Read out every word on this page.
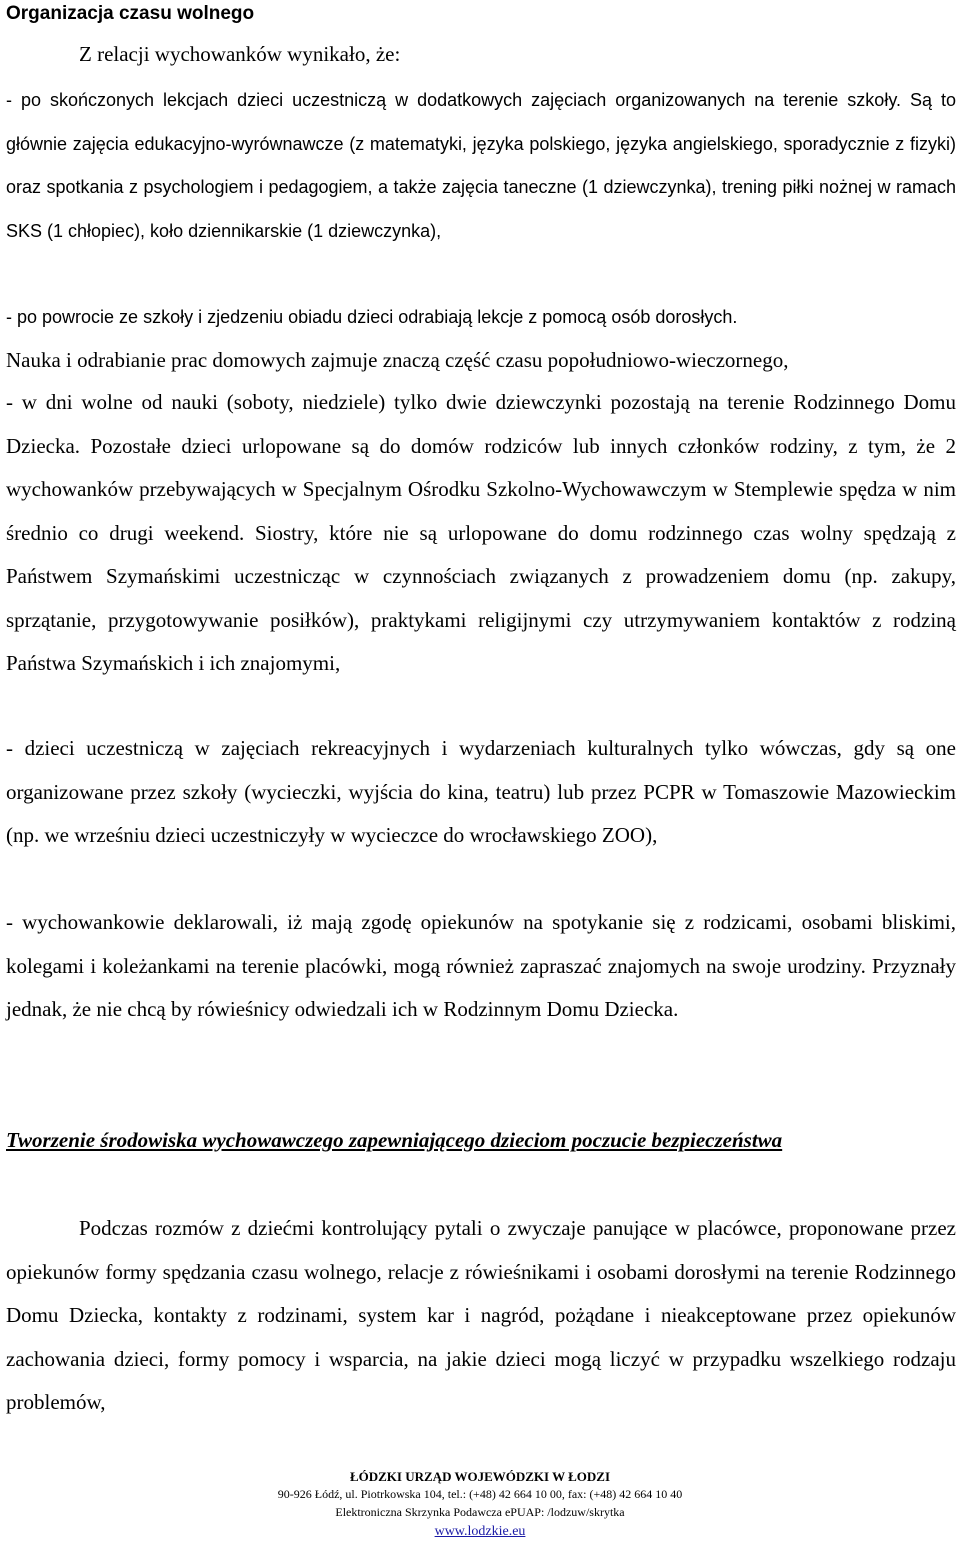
Organizacja czasu wolnego

Z relacji wychowanków wynikało, że:

- po skończonych lekcjach dzieci uczestniczą w dodatkowych zajęciach organizowanych na terenie szkoły. Są to głównie zajęcia edukacyjno-wyrównawcze (z matematyki, języka polskiego, języka angielskiego, sporadycznie z fizyki) oraz spotkania z psychologiem i pedagogiem, a także zajęcia taneczne (1 dziewczynka), trening piłki nożnej w ramach SKS (1 chłopiec), koło dziennikarskie (1 dziewczynka),

- po powrocie ze szkoły i zjedzeniu obiadu dzieci odrabiają lekcje z pomocą osób dorosłych.

Nauka i odrabianie prac domowych zajmuje znaczą część czasu popołudniowo-wieczornego,

- w dni wolne od nauki (soboty, niedziele) tylko dwie dziewczynki pozostają na terenie Rodzinnego Domu Dziecka. Pozostałe dzieci urlopowane są do domów rodziców lub innych członków rodziny, z tym, że 2 wychowanków przebywających w Specjalnym Ośrodku Szkolno-Wychowawczym w Stemplewie spędza w nim średnio co drugi weekend. Siostry, które nie są urlopowane do domu rodzinnego czas wolny spędzają z Państwem Szymańskimi uczestnicząc w czynnościach związanych z prowadzeniem domu (np. zakupy, sprzątanie, przygotowywanie posiłków), praktykami religijnymi czy utrzymywaniem kontaktów z rodziną Państwa Szymańskich i ich znajomymi,

- dzieci uczestniczą w zajęciach rekreacyjnych i wydarzeniach kulturalnych tylko wówczas, gdy są one organizowane przez szkoły (wycieczki, wyjścia do kina, teatru) lub przez PCPR w Tomaszowie Mazowieckim (np. we wrześniu dzieci uczestniczyły w wycieczce do wrocławskiego ZOO),

- wychowankowie deklarowali, iż mają zgodę opiekunów na spotykanie się z rodzicami, osobami bliskimi, kolegami i koleżankami na terenie placówki, mogą również zapraszać znajomych na swoje urodziny. Przyznały jednak, że nie chcą by rówieśnicy odwiedzali ich w Rodzinnym Domu Dziecka.

Tworzenie środowiska wychowawczego zapewniającego dzieciom poczucie bezpieczeństwa

Podczas rozmów z dziećmi kontrolujący pytali o zwyczaje panujące w placówce, proponowane przez opiekunów formy spędzania czasu wolnego, relacje z rówieśnikami i osobami dorosłymi na terenie Rodzinnego Domu Dziecka, kontakty z rodzinami, system kar i nagród, pożądane i nieakceptowane przez opiekunów zachowania dzieci, formy pomocy i wsparcia, na jakie dzieci mogą liczyć w przypadku wszelkiego rodzaju problemów,

ŁÓDZKI URZĄD WOJEWÓDZKI W ŁODZI

90-926 Łódź, ul. Piotrkowska 104, tel.: (+48) 42 664 10 00, fax: (+48) 42 664 10 40

Elektroniczna Skrzynka Podawcza ePUAP: /lodzuw/skrytka

www.lodzkie.eu
